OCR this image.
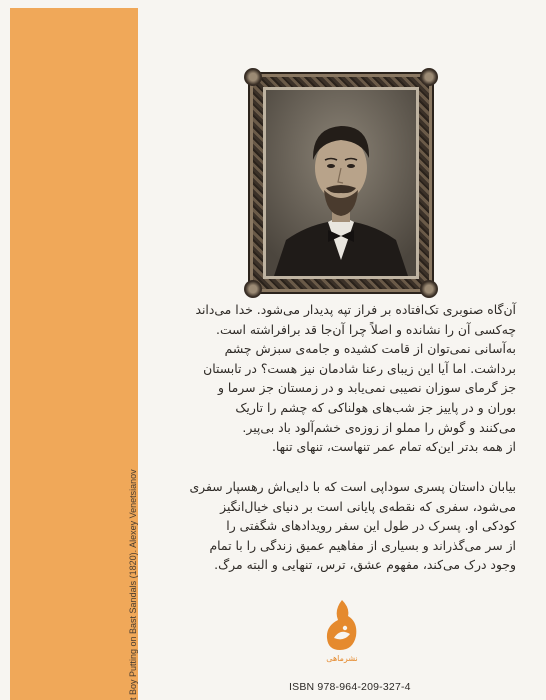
t Boy Putting on Bast Sandals (1820). Alexey Venetsianov

آن‌گاه صنوبری تک‌افتاده بر فراز تپه پدیدار می‌شود. خدا می‌داند

چه‌کسی آن را نشانده و اصلاً چرا آن‌جا قد برافراشته است.

به‌آسانی نمی‌توان از قامت کشیده و جامه‌ی سبزش چشم

برداشت. اما آیا این زیبای رعنا شادمان نیز هست؟ در تابستان

جز گرمای سوزان نصیبی نمی‌یابد و در زمستان جز سرما و

بوران و در پاییز جز شب‌های هولناکی که چشم را تاریک

می‌کنند و گوش را مملو از زوزه‌ی خشم‌آلود باد بی‌پیر.

از همه بدتر این‌که تمام عمر تنهاست، تنهای تنها.

بیابان داستان پسری سوداپی است که با دایی‌اش رهسپار سفری

می‌شود، سفری که نقطه‌ی پایانی است بر دنیای خیال‌انگیز

کودکی او. پسرک در طول این سفر رویدادهای شگفتی را

از سر می‌گذراند و بسیاری از مفاهیم عمیق زندگی را با تمام

وجود درک می‌کند، مفهوم عشق، ترس، تنهایی و البته مرگ.

نشرماهی
ISBN 978-964-209-327-4
